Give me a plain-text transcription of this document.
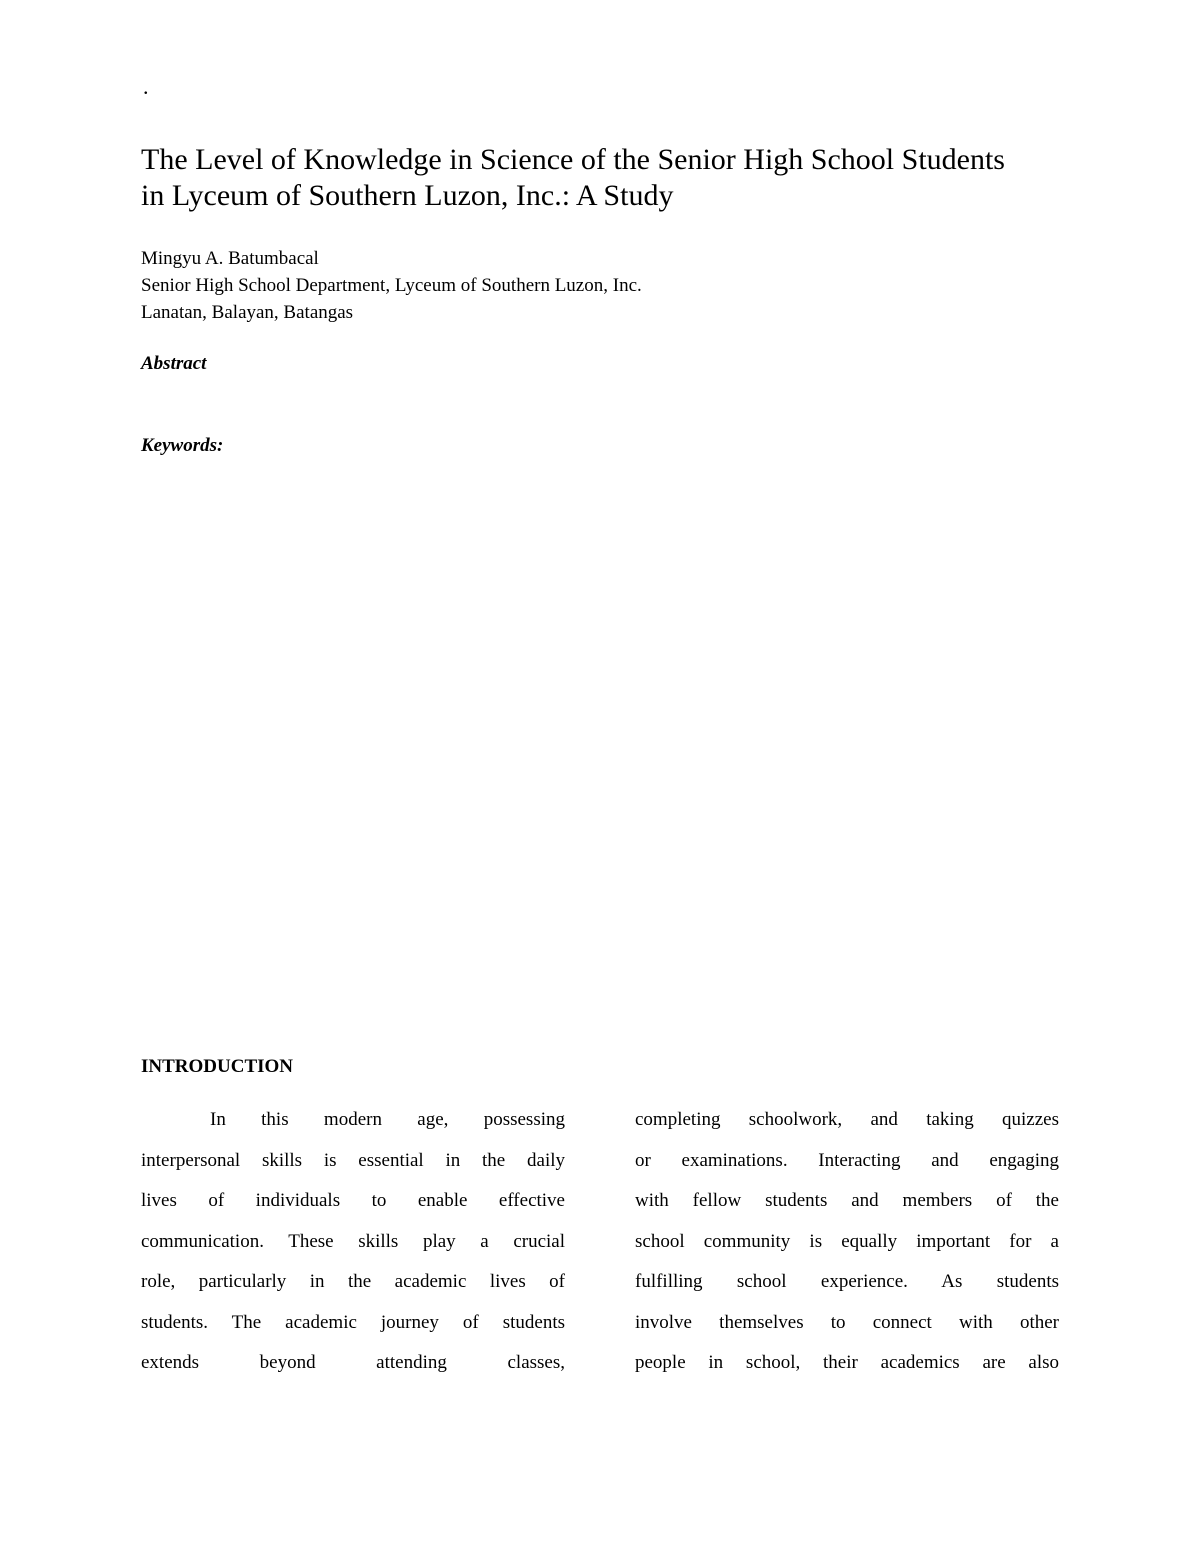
.
The Level of Knowledge in Science of the Senior High School Students
in Lyceum of Southern Luzon, Inc.: A Study
Mingyu A. Batumbacal
Senior High School Department, Lyceum of Southern Luzon, Inc.
Lanatan, Balayan, Batangas
Abstract
Keywords:
INTRODUCTION
In this modern age, possessing
interpersonal skills is essential in the daily
lives of individuals to enable effective
communication. These skills play a crucial
role, particularly in the academic lives of
students. The academic journey of students
extends beyond attending classes,
completing schoolwork, and taking quizzes
or examinations. Interacting and engaging
with fellow students and members of the
school community is equally important for a
fulfilling school experience. As students
involve themselves to connect with other
people in school, their academics are also
